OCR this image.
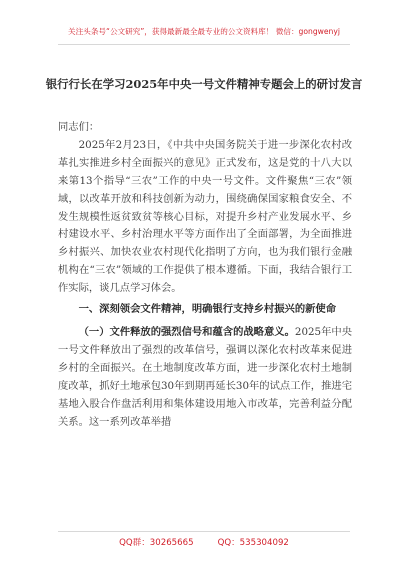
关注头条号“公文研究”，获得最新最全最专业的公文资料库！ 微信：gongwenyj
银行行长在学习2025年中央一号文件精神专题会上的研讨发言

同志们：

2025年2月23日，《中共中央国务院关于进一步深化农村改革扎实推进乡村全面振兴的意见》正式发布，这是党的十八大以来第13个指导“三农”工作的中央一号文件。文件聚焦“三农”领域，以改革开放和科技创新为动力，围绕确保国家粮食安全、不发生规模性返贫致贫等核心目标，对提升乡村产业发展水平、乡村建设水平、乡村治理水平等方面作出了全面部署，为全面推进乡村振兴、加快农业农村现代化指明了方向，也为我们银行金融机构在“三农”领域的工作提供了根本遵循。下面，我结合银行工作实际，谈几点学习体会。

一、深刻领会文件精神，明确银行支持乡村振兴的新使命

（一）文件释放的强烈信号和蕴含的战略意义。2025年中央一号文件释放出了强烈的改革信号，强调以深化农村改革来促进乡村的全面振兴。在土地制度改革方面，进一步深化农村土地制度改革，抓好土地承包30年到期再延长30年的试点工作，推进宅基地入股合作盘活利用和集体建设用地入市改革，完善利益分配关系。这一系列改革举措

QQ群：30265665	QQ：535304092
